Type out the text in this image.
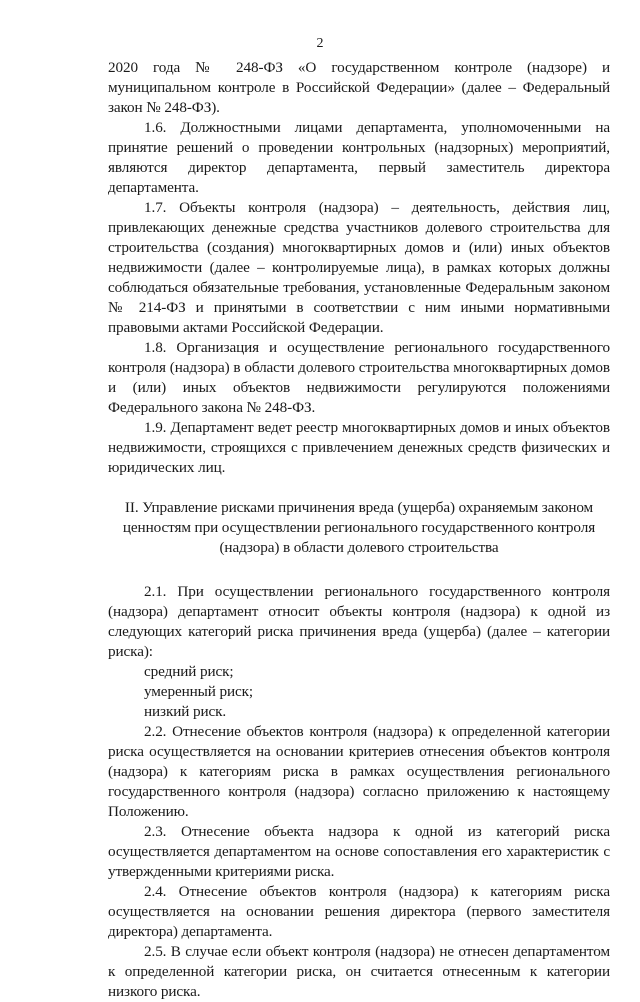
2

2020 года № 248-ФЗ «О государственном контроле (надзоре) и муниципальном контроле в Российской Федерации» (далее – Федеральный закон № 248-ФЗ).

1.6. Должностными лицами департамента, уполномоченными на принятие решений о проведении контрольных (надзорных) мероприятий, являются директор департамента, первый заместитель директора департамента.

1.7. Объекты контроля (надзора) – деятельность, действия лиц, привлекающих денежные средства участников долевого строительства для строительства (создания) многоквартирных домов и (или) иных объектов недвижимости (далее – контролируемые лица), в рамках которых должны соблюдаться обязательные требования, установленные Федеральным законом № 214-ФЗ и принятыми в соответствии с ним иными нормативными правовыми актами Российской Федерации.

1.8. Организация и осуществление регионального государственного контроля (надзора) в области долевого строительства многоквартирных домов и (или) иных объектов недвижимости регулируются положениями Федерального закона № 248-ФЗ.

1.9. Департамент ведет реестр многоквартирных домов и иных объектов недвижимости, строящихся с привлечением денежных средств физических и юридических лиц.

II. Управление рисками причинения вреда (ущерба) охраняемым законом
ценностям при осуществлении регионального государственного контроля
(надзора) в области долевого строительства

2.1. При осуществлении регионального государственного контроля (надзора) департамент относит объекты контроля (надзора) к одной из следующих категорий риска причинения вреда (ущерба) (далее – категории риска):

средний риск;

умеренный риск;

низкий риск.

2.2. Отнесение объектов контроля (надзора) к определенной категории риска осуществляется на основании критериев отнесения объектов контроля (надзора) к категориям риска в рамках осуществления регионального государственного контроля (надзора) согласно приложению к настоящему Положению.

2.3. Отнесение объекта надзора к одной из категорий риска осуществляется департаментом на основе сопоставления его характеристик с утвержденными критериями риска.

2.4. Отнесение объектов контроля (надзора) к категориям риска осуществляется на основании решения директора (первого заместителя директора) департамента.

2.5. В случае если объект контроля (надзора) не отнесен департаментом к определенной категории риска, он считается отнесенным к категории низкого риска.
